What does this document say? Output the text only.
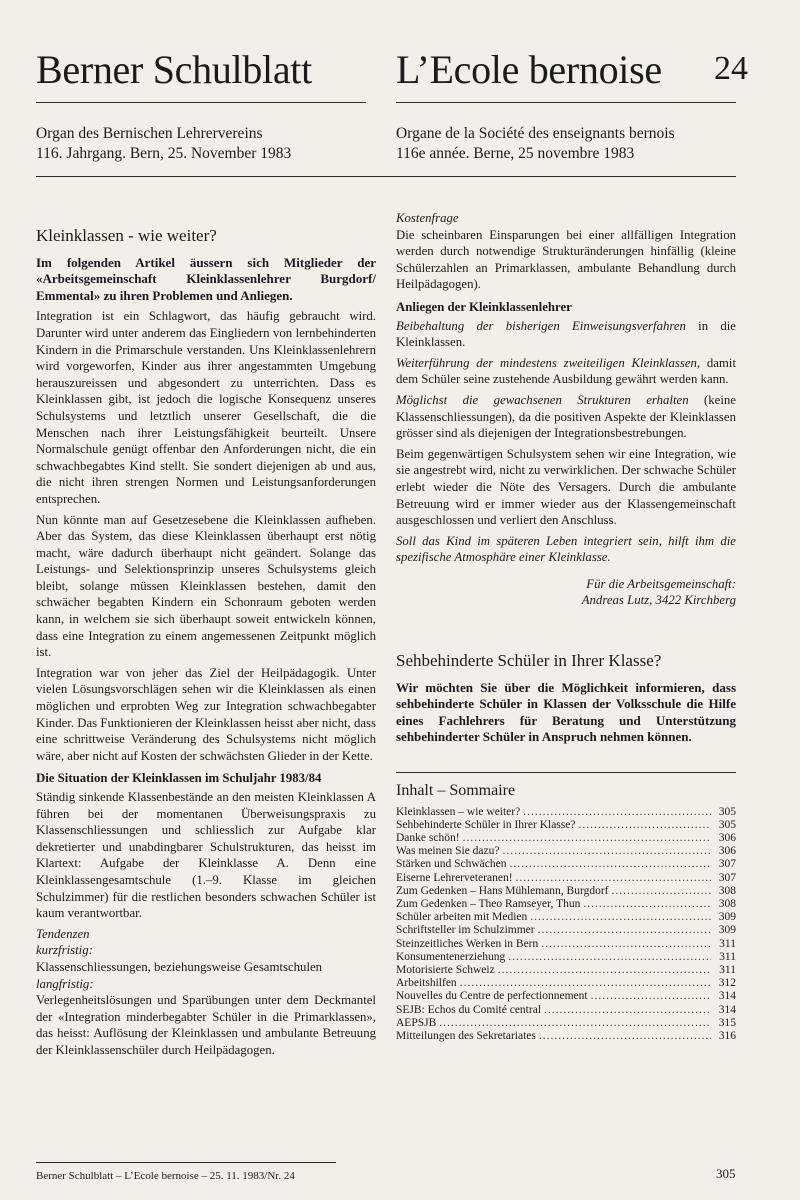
Berner Schulblatt L’Ecole bernoise 24
Organ des Bernischen Lehrervereins
116. Jahrgang. Bern, 25. November 1983
Organe de la Société des enseignants bernois
116e année. Berne, 25 novembre 1983
Kleinklassen - wie weiter?

Im folgenden Artikel äussern sich Mitglieder der «Arbeitsgemeinschaft Kleinklassenlehrer Burgdorf/ Emmental» zu ihren Problemen und Anliegen.

Integration ist ein Schlagwort, das häufig gebraucht wird. Darunter wird unter anderem das Eingliedern von lernbehinderten Kindern in die Primarschule verstanden. Uns Kleinklassenlehrern wird vorgeworfen, Kinder aus ihrer angestammten Umgebung herauszureissen und abgesondert zu unterrichten. Dass es Kleinklassen gibt, ist jedoch die logische Konsequenz unseres Schulsystems und letztlich unserer Gesellschaft, die die Menschen nach ihrer Leistungsfähigkeit beurteilt. Unsere Normalschule genügt offenbar den Anforderungen nicht, die ein schwachbegabtes Kind stellt. Sie sondert diejenigen ab und aus, die nicht ihren strengen Normen und Leistungsanforderungen entsprechen.

Nun könnte man auf Gesetzesebene die Kleinklassen aufheben. Aber das System, das diese Kleinklassen überhaupt erst nötig macht, wäre dadurch überhaupt nicht geändert. Solange das Leistungs- und Selektionsprinzip unseres Schulsystems gleich bleibt, solange müssen Kleinklassen bestehen, damit den schwächer begabten Kindern ein Schonraum geboten werden kann, in welchem sie sich überhaupt soweit entwickeln können, dass eine Integration zu einem angemessenen Zeitpunkt möglich ist.

Integration war von jeher das Ziel der Heilpädagogik. Unter vielen Lösungsvorschlägen sehen wir die Kleinklassen als einen möglichen und erprobten Weg zur Integration schwachbegabter Kinder. Das Funktionieren der Kleinklassen heisst aber nicht, dass eine schrittweise Veränderung des Schulsystems nicht möglich wäre, aber nicht auf Kosten der schwächsten Glieder in der Kette.

Die Situation der Kleinklassen im Schuljahr 1983/84

Ständig sinkende Klassenbestände an den meisten Kleinklassen A führen bei der momentanen Überweisungspraxis zu Klassenschliessungen und schliesslich zur Aufgabe klar dekretierter und unabdingbarer Schulstrukturen, das heisst im Klartext: Aufgabe der Kleinklasse A. Denn eine Kleinklassengesamtschule (1.–9. Klasse im gleichen Schulzimmer) für die restlichen besonders schwachen Schüler ist kaum verantwortbar.

Tendenzen
kurzfristig:
Klassenschliessungen, beziehungsweise Gesamtschulen
langfristig:
Verlegenheitslösungen und Sparübungen unter dem Deckmantel der «Integration minderbegabter Schüler in die Primarklassen», das heisst: Auflösung der Kleinklassen und ambulante Betreuung der Kleinklassenschüler durch Heilpädagogen.
Kostenfrage

Die scheinbaren Einsparungen bei einer allfälligen Integration werden durch notwendige Strukturänderungen hinfällig (kleine Schülerzahlen an Primarklassen, ambulante Behandlung durch Heilpädagogen).

Anliegen der Kleinklassenlehrer

Beibehaltung der bisherigen Einweisungsverfahren in die Kleinklassen.

Weiterführung der mindestens zweiteiligen Kleinklassen, damit dem Schüler seine zustehende Ausbildung gewährt werden kann.

Möglichst die gewachsenen Strukturen erhalten (keine Klassenschliessungen), da die positiven Aspekte der Kleinklassen grösser sind als diejenigen der Integrationsbestrebungen.

Beim gegenwärtigen Schulsystem sehen wir eine Integration, wie sie angestrebt wird, nicht zu verwirklichen. Der schwache Schüler erlebt wieder die Nöte des Versagers. Durch die ambulante Betreuung wird er immer wieder aus der Klassengemeinschaft ausgeschlossen und verliert den Anschluss.

Soll das Kind im späteren Leben integriert sein, hilft ihm die spezifische Atmosphäre einer Kleinklasse.

Für die Arbeitsgemeinschaft:
Andreas Lutz, 3422 Kirchberg
Sehbehinderte Schüler in Ihrer Klasse?

Wir möchten Sie über die Möglichkeit informieren, dass sehbehinderte Schüler in Klassen der Volksschule die Hilfe eines Fachlehrers für Beratung und Unterstützung sehbehinderter Schüler in Anspruch nehmen können.

Inhalt – Sommaire
Kleinklassen – wie weiter? .....	305
Sehbehinderte Schüler in Ihrer Klasse? .....	305
Danke schön! .....	306
Was meinen Sie dazu? .....	306
Stärken und Schwächen .....	307
Eiserne Lehrerveteranen! .....	307
Zum Gedenken – Hans Mühlemann, Burgdorf .....	308
Zum Gedenken – Theo Ramseyer, Thun .....	308
Schüler arbeiten mit Medien .....	309
Schriftsteller im Schulzimmer .....	309
Steinzeitliches Werken in Bern .....	311
Konsumentenerziehung .....	311
Motorisierte Schweiz .....	311
Arbeitshilfen .....	312
Nouvelles du Centre de perfectionnement .....	314
SEJB: Echos du Comité central .....	314
AEPSJB .....	315
Mitteilungen des Sekretariates .....	316
Berner Schulblatt – L’Ecole bernoise – 25. 11. 1983/Nr. 24	305
